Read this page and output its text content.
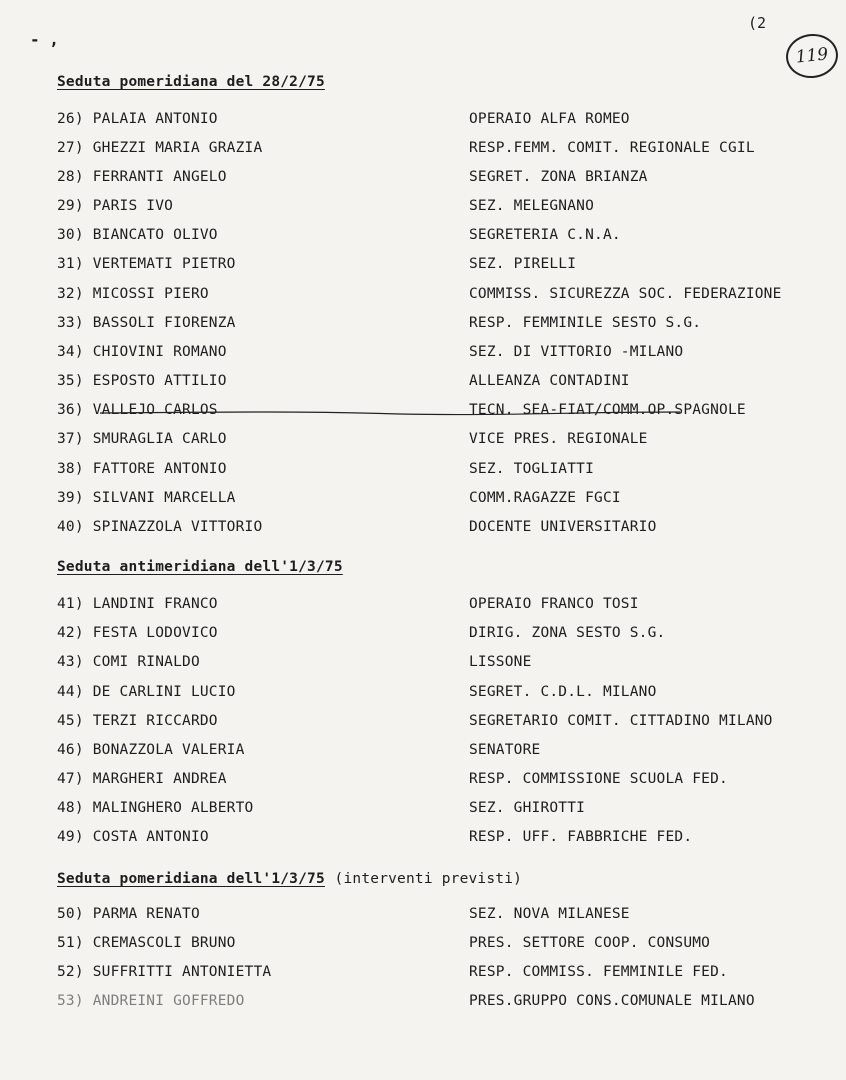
(2
- ,
119
Seduta pomeridiana del 28/2/75
26) PALAIA ANTONIO	OPERAIO ALFA ROMEO
27) GHEZZI MARIA GRAZIA	RESP.FEMM. COMIT. REGIONALE CGIL
28) FERRANTI ANGELO	SEGRET. ZONA BRIANZA
29) PARIS IVO	SEZ. MELEGNANO
30) BIANCATO OLIVO	SEGRETERIA C.N.A.
31) VERTEMATI PIETRO	SEZ. PIRELLI
32) MICOSSI PIERO	COMMISS. SICUREZZA SOC. FEDERAZIONE
33) BASSOLI FIORENZA	RESP. FEMMINILE SESTO S.G.
34) CHIOVINI ROMANO	SEZ. DI VITTORIO -MILANO
35) ESPOSTO ATTILIO	ALLEANZA CONTADINI
36) VALLEJO CARLOS	TECN. SEA-FIAT/COMM.OP.SPAGNOLE
37) SMURAGLIA CARLO	VICE PRES. REGIONALE
38) FATTORE ANTONIO	SEZ. TOGLIATTI
39) SILVANI MARCELLA	COMM.RAGAZZE FGCI
40) SPINAZZOLA VITTORIO	DOCENTE UNIVERSITARIO
Seduta antimeridiana dell'1/3/75
41) LANDINI FRANCO	OPERAIO FRANCO TOSI
42) FESTA LODOVICO	DIRIG. ZONA SESTO S.G.
43) COMI RINALDO	LISSONE
44) DE CARLINI LUCIO	SEGRET. C.D.L. MILANO
45) TERZI RICCARDO	SEGRETARIO COMIT. CITTADINO MILANO
46) BONAZZOLA VALERIA	SENATORE
47) MARGHERI ANDREA	RESP. COMMISSIONE SCUOLA FED.
48) MALINGHERO ALBERTO	SEZ. GHIROTTI
49) COSTA ANTONIO	RESP. UFF. FABBRICHE FED.
Seduta pomeridiana dell'1/3/75 (interventi previsti)
50) PARMA RENATO	SEZ. NOVA MILANESE
51) CREMASCOLI BRUNO	PRES. SETTORE COOP. CONSUMO
52) SUFFRITTI ANTONIETTA	RESP. COMMISS. FEMMINILE FED.
53) ANDREINI GOFFREDO	PRES.GRUPPO CONS.COMUNALE MILANO
